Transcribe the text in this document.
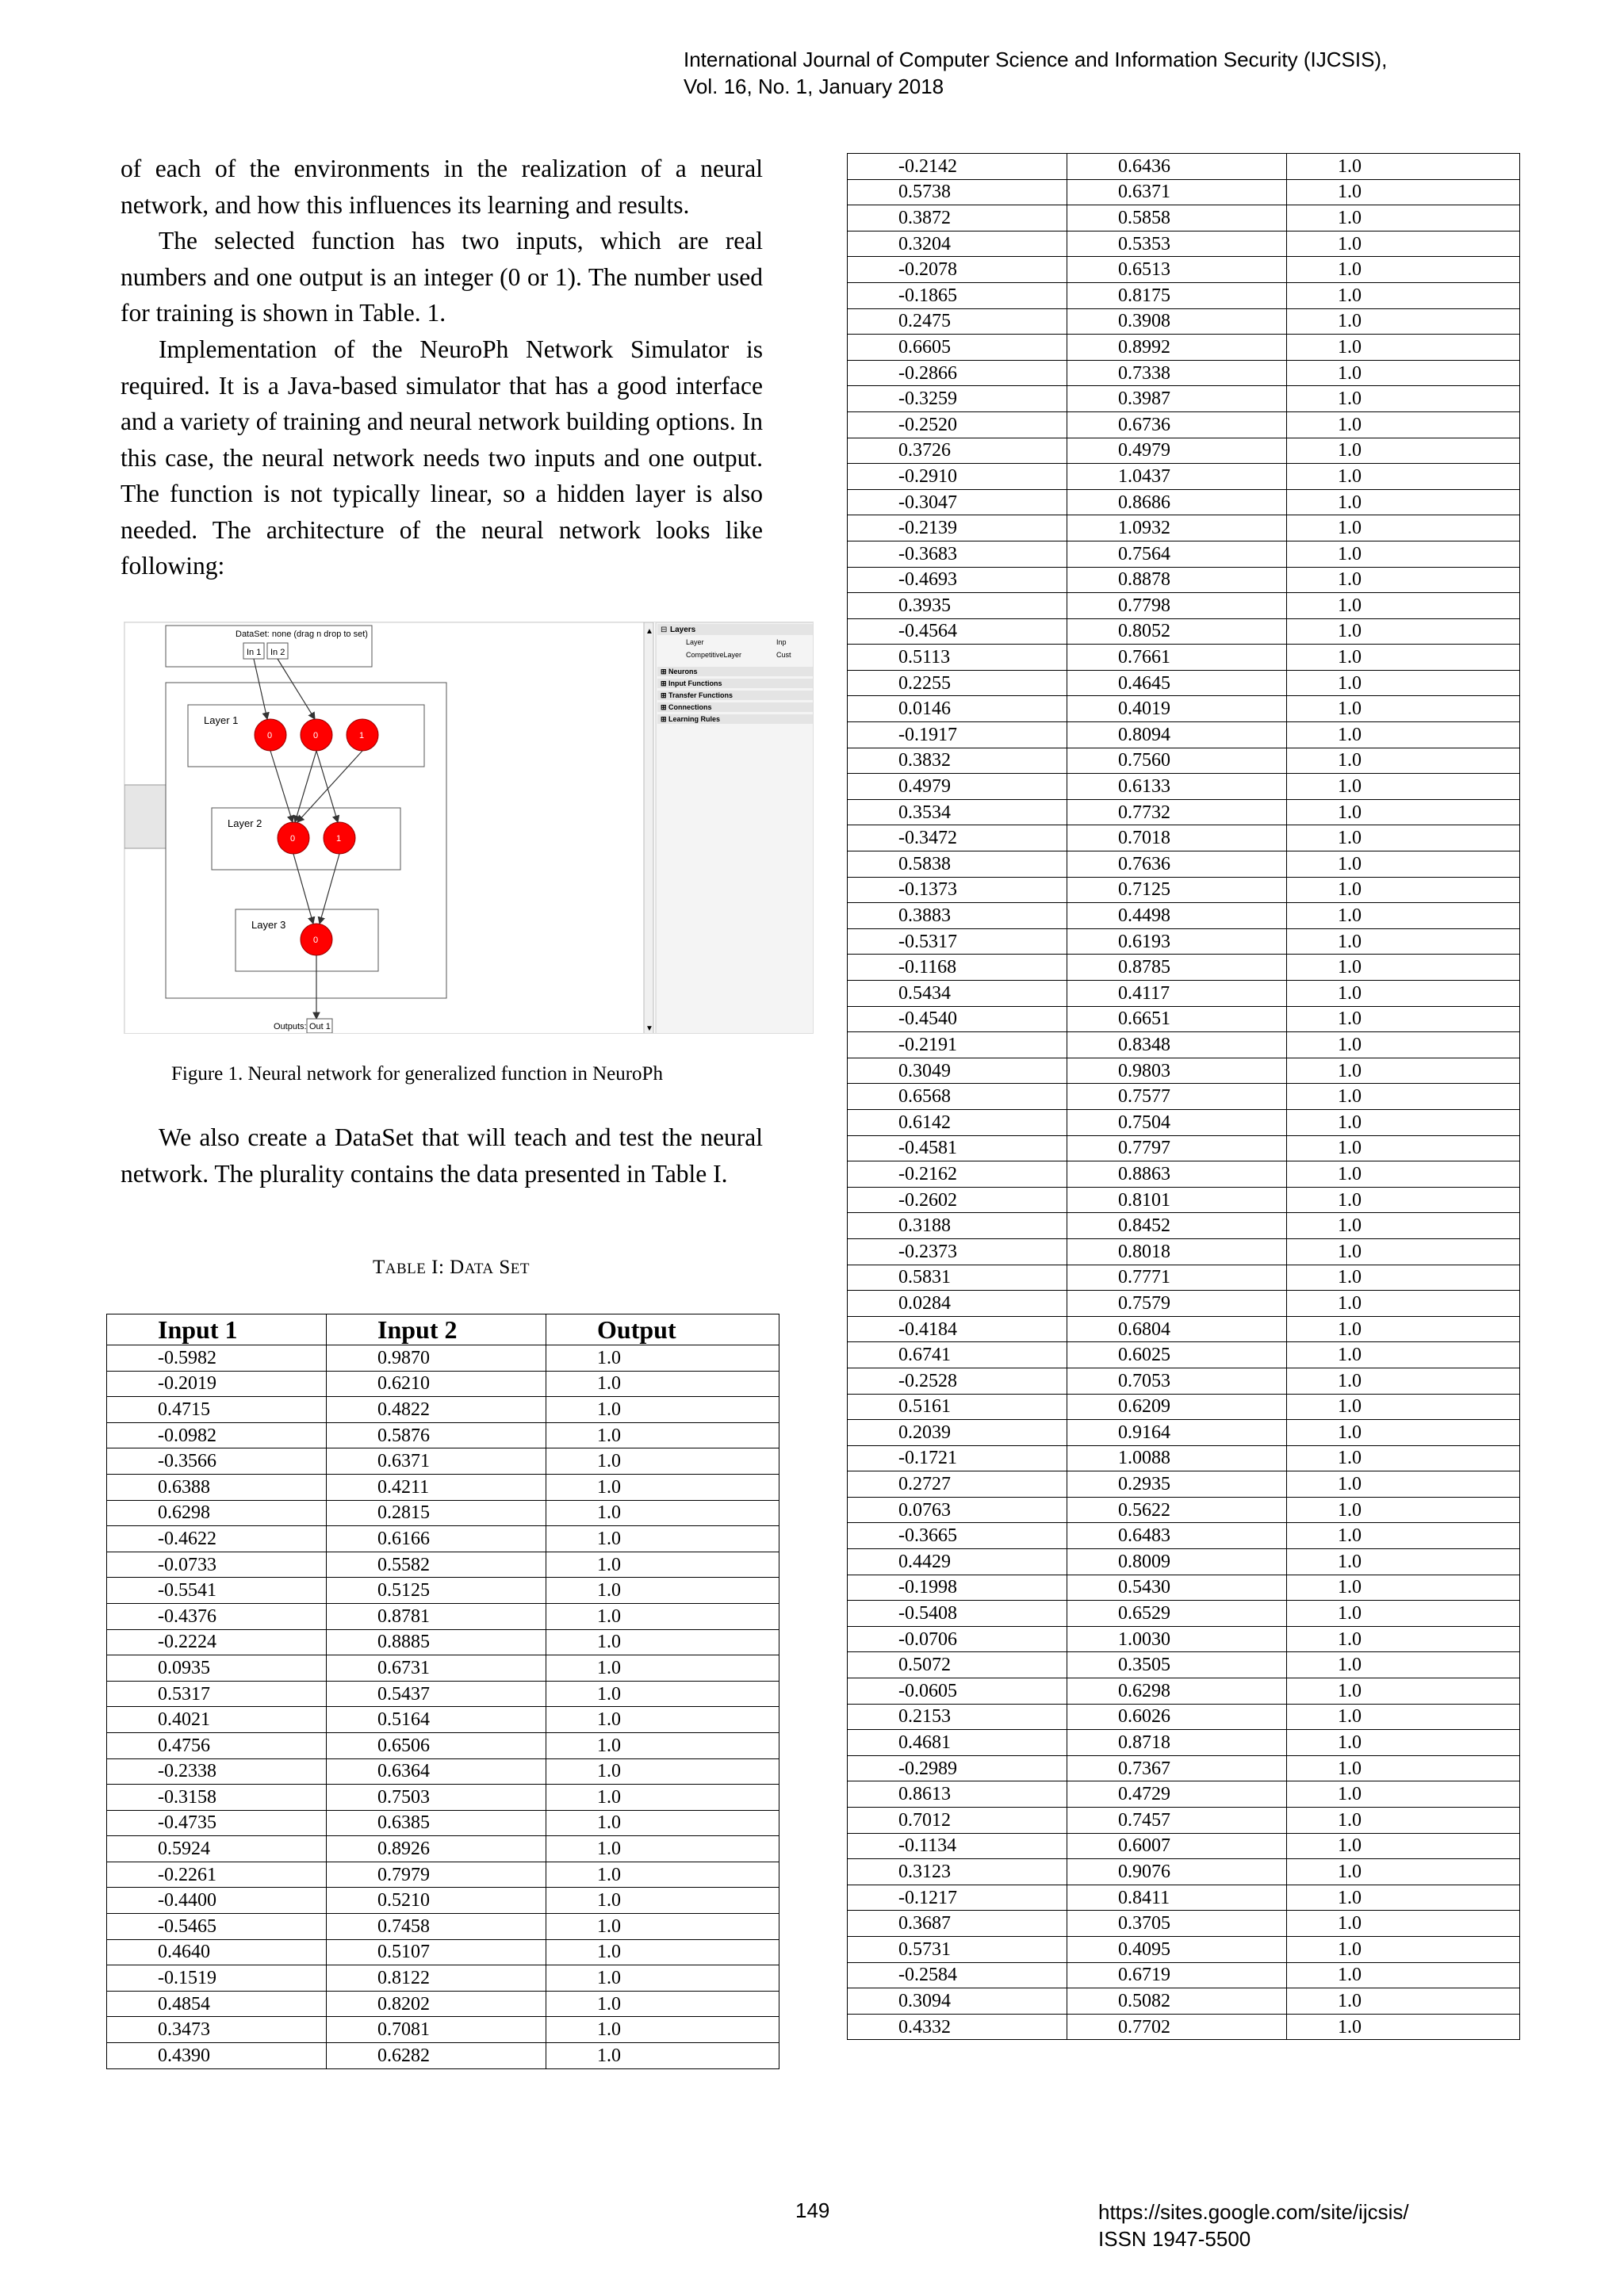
International Journal of Computer Science and Information Security (IJCSIS),
Vol. 16, No. 1, January 2018

of each of the environments in the realization of a neural network, and how this influences its learning and results.

The selected function has two inputs, which are real numbers and one output is an integer (0 or 1). The number used for training is shown in Table. 1.

Implementation of the NeuroPh Network Simulator is required. It is a Java-based simulator that has a good interface and a variety of training and neural network building options. In this case, the neural network needs two inputs and one output. The function is not typically linear, so a hidden layer is also needed. The architecture of the neural network looks like following:

▲
▼
DataSet: none (drag n drop to set)
In 1 In 2
Layer 1
0	0	1
Layer 2
0	1
Layer 3
0
Outputs: Out 1
⊟ Layers
Layer	Inp
CompetitiveLayer	Cust
⊞ Neurons
⊞ Input Functions
⊞ Transfer Functions
⊞ Connections
⊞ Learning Rules
Figure 1. Neural network for generalized function in NeuroPh

We also create a DataSet that will teach and test the neural network. The plurality contains the data presented in Table I.

TABLE I: DATA SET
Input 1	Input 2	Output
-0.5982	0.9870	1.0
-0.2019	0.6210	1.0
0.4715	0.4822	1.0
-0.0982	0.5876	1.0
-0.3566	0.6371	1.0
0.6388	0.4211	1.0
0.6298	0.2815	1.0
-0.4622	0.6166	1.0
-0.0733	0.5582	1.0
-0.5541	0.5125	1.0
-0.4376	0.8781	1.0
-0.2224	0.8885	1.0
0.0935	0.6731	1.0
0.5317	0.5437	1.0
0.4021	0.5164	1.0
0.4756	0.6506	1.0
-0.2338	0.6364	1.0
-0.3158	0.7503	1.0
-0.4735	0.6385	1.0
0.5924	0.8926	1.0
-0.2261	0.7979	1.0
-0.4400	0.5210	1.0
-0.5465	0.7458	1.0
0.4640	0.5107	1.0
-0.1519	0.8122	1.0
0.4854	0.8202	1.0
0.3473	0.7081	1.0
0.4390	0.6282	1.0
-0.2142	0.6436	1.0
0.5738	0.6371	1.0
0.3872	0.5858	1.0
0.3204	0.5353	1.0
-0.2078	0.6513	1.0
-0.1865	0.8175	1.0
0.2475	0.3908	1.0
0.6605	0.8992	1.0
-0.2866	0.7338	1.0
-0.3259	0.3987	1.0
-0.2520	0.6736	1.0
0.3726	0.4979	1.0
-0.2910	1.0437	1.0
-0.3047	0.8686	1.0
-0.2139	1.0932	1.0
-0.3683	0.7564	1.0
-0.4693	0.8878	1.0
0.3935	0.7798	1.0
-0.4564	0.8052	1.0
0.5113	0.7661	1.0
0.2255	0.4645	1.0
0.0146	0.4019	1.0
-0.1917	0.8094	1.0
0.3832	0.7560	1.0
0.4979	0.6133	1.0
0.3534	0.7732	1.0
-0.3472	0.7018	1.0
0.5838	0.7636	1.0
-0.1373	0.7125	1.0
0.3883	0.4498	1.0
-0.5317	0.6193	1.0
-0.1168	0.8785	1.0
0.5434	0.4117	1.0
-0.4540	0.6651	1.0
-0.2191	0.8348	1.0
0.3049	0.9803	1.0
0.6568	0.7577	1.0
0.6142	0.7504	1.0
-0.4581	0.7797	1.0
-0.2162	0.8863	1.0
-0.2602	0.8101	1.0
0.3188	0.8452	1.0
-0.2373	0.8018	1.0
0.5831	0.7771	1.0
0.0284	0.7579	1.0
-0.4184	0.6804	1.0
0.6741	0.6025	1.0
-0.2528	0.7053	1.0
0.5161	0.6209	1.0
0.2039	0.9164	1.0
-0.1721	1.0088	1.0
0.2727	0.2935	1.0
0.0763	0.5622	1.0
-0.3665	0.6483	1.0
0.4429	0.8009	1.0
-0.1998	0.5430	1.0
-0.5408	0.6529	1.0
-0.0706	1.0030	1.0
0.5072	0.3505	1.0
-0.0605	0.6298	1.0
0.2153	0.6026	1.0
0.4681	0.8718	1.0
-0.2989	0.7367	1.0
0.8613	0.4729	1.0
0.7012	0.7457	1.0
-0.1134	0.6007	1.0
0.3123	0.9076	1.0
-0.1217	0.8411	1.0
0.3687	0.3705	1.0
0.5731	0.4095	1.0
-0.2584	0.6719	1.0
0.3094	0.5082	1.0
0.4332	0.7702	1.0
149	https://sites.google.com/site/ijcsis/
ISSN 1947-5500
